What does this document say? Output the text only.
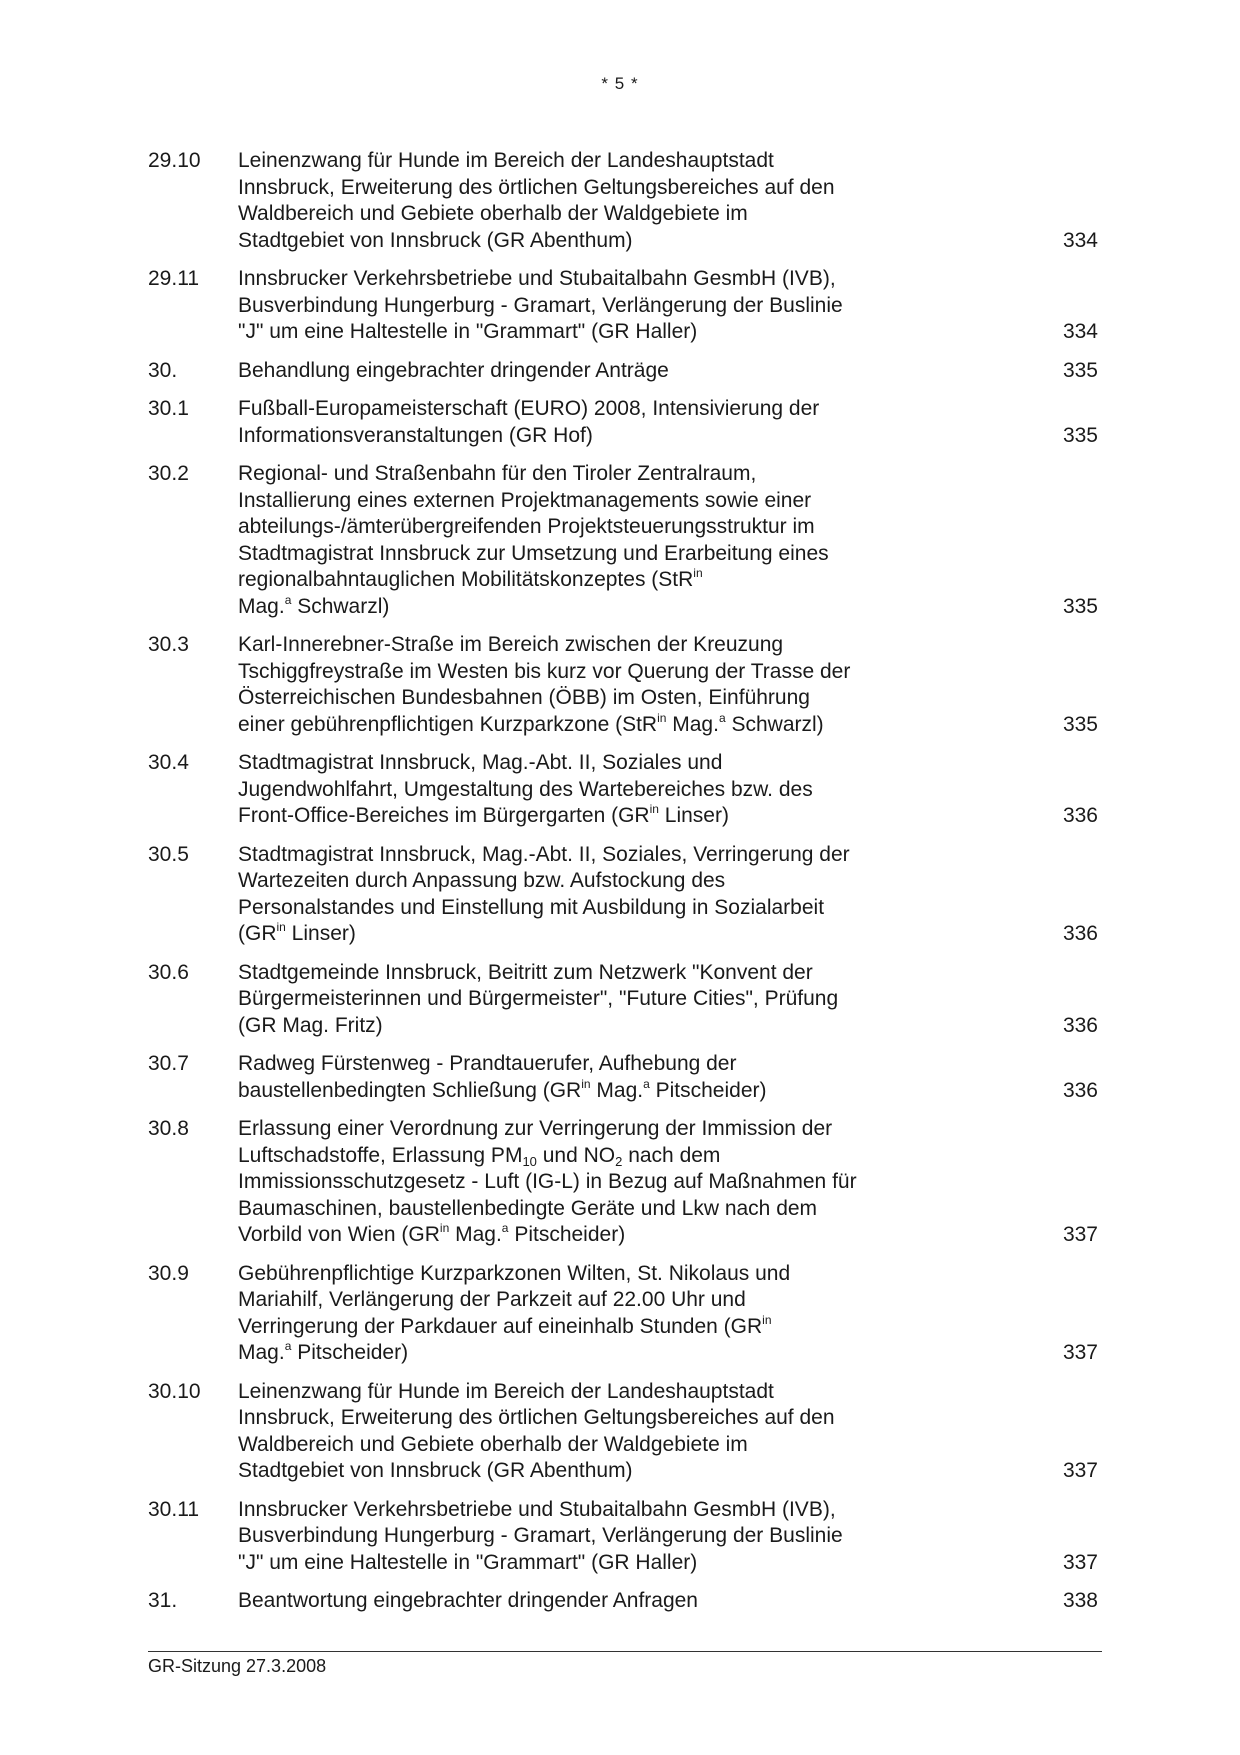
* 5 *
29.10	Leinenzwang für Hunde im Bereich der Landeshauptstadt
Innsbruck, Erweiterung des örtlichen Geltungsbereiches auf den
Waldbereich und Gebiete oberhalb der Waldgebiete im
Stadtgebiet von Innsbruck (GR Abenthum)	334
29.11	Innsbrucker Verkehrsbetriebe und Stubaitalbahn GesmbH (IVB),
Busverbindung Hungerburg - Gramart, Verlängerung der Buslinie
"J" um eine Haltestelle in "Grammart" (GR Haller)	334
30.	Behandlung eingebrachter dringender Anträge	335
30.1	Fußball-Europameisterschaft (EURO) 2008, Intensivierung der
Informationsveranstaltungen (GR Hof)	335
30.2	Regional- und Straßenbahn für den Tiroler Zentralraum,
Installierung eines externen Projektmanagements sowie einer
abteilungs-/ämterübergreifenden Projektsteuerungsstruktur im
Stadtmagistrat Innsbruck zur Umsetzung und Erarbeitung eines
regionalbahntauglichen Mobilitätskonzeptes (StR$^{in}$
Mag.$^a$ Schwarzl)	335
30.3	Karl-Innerebner-Straße im Bereich zwischen der Kreuzung
Tschiggfreystraße im Westen bis kurz vor Querung der Trasse der
Österreichischen Bundesbahnen (ÖBB) im Osten, Einführung
einer gebührenpflichtigen Kurzparkzone (StR$^{in}$ Mag.$^a$ Schwarzl)	335
30.4	Stadtmagistrat Innsbruck, Mag.-Abt. II, Soziales und
Jugendwohlfahrt, Umgestaltung des Wartebereiches bzw. des
Front-Office-Bereiches im Bürgergarten ($GR^{in}$ Linser)	336
30.5	Stadtmagistrat Innsbruck, Mag.-Abt. II, Soziales, Verringerung der
Wartezeiten durch Anpassung bzw. Aufstockung des
Personalstandes und Einstellung mit Ausbildung in Sozialarbeit
($GR^{in}$ Linser)	336
30.6	Stadtgemeinde Innsbruck, Beitritt zum Netzwerk "Konvent der
Bürgermeisterinnen und Bürgermeister", "Future Cities", Prüfung
(GR Mag. Fritz)	336
30.7	Radweg Fürstenweg - Prandtauerufer, Aufhebung der
baustellenbedingten Schließung ($GR^{in}$ Mag.$^a$ Pitscheider)	336
30.8	Erlassung einer Verordnung zur Verringerung der Immission der
Luftschadstoffe, Erlassung $PM_{10}$ und $NO_2$ nach dem
Immissionsschutzgesetz - Luft (IG-L) in Bezug auf Maßnahmen für
Baumaschinen, baustellenbedingte Geräte und Lkw nach dem
Vorbild von Wien ($GR^{in}$ Mag.$^a$ Pitscheider)	337
30.9	Gebührenpflichtige Kurzparkzonen Wilten, St. Nikolaus und
Mariahilf, Verlängerung der Parkzeit auf 22.00 Uhr und
Verringerung der Parkdauer auf eineinhalb Stunden ($GR^{in}$
Mag.$^a$ Pitscheider)	337
30.10	Leinenzwang für Hunde im Bereich der Landeshauptstadt
Innsbruck, Erweiterung des örtlichen Geltungsbereiches auf den
Waldbereich und Gebiete oberhalb der Waldgebiete im
Stadtgebiet von Innsbruck (GR Abenthum)	337
30.11	Innsbrucker Verkehrsbetriebe und Stubaitalbahn GesmbH (IVB),
Busverbindung Hungerburg - Gramart, Verlängerung der Buslinie
"J" um eine Haltestelle in "Grammart" (GR Haller)	337
31.	Beantwortung eingebrachter dringender Anfragen	338
GR-Sitzung 27.3.2008
